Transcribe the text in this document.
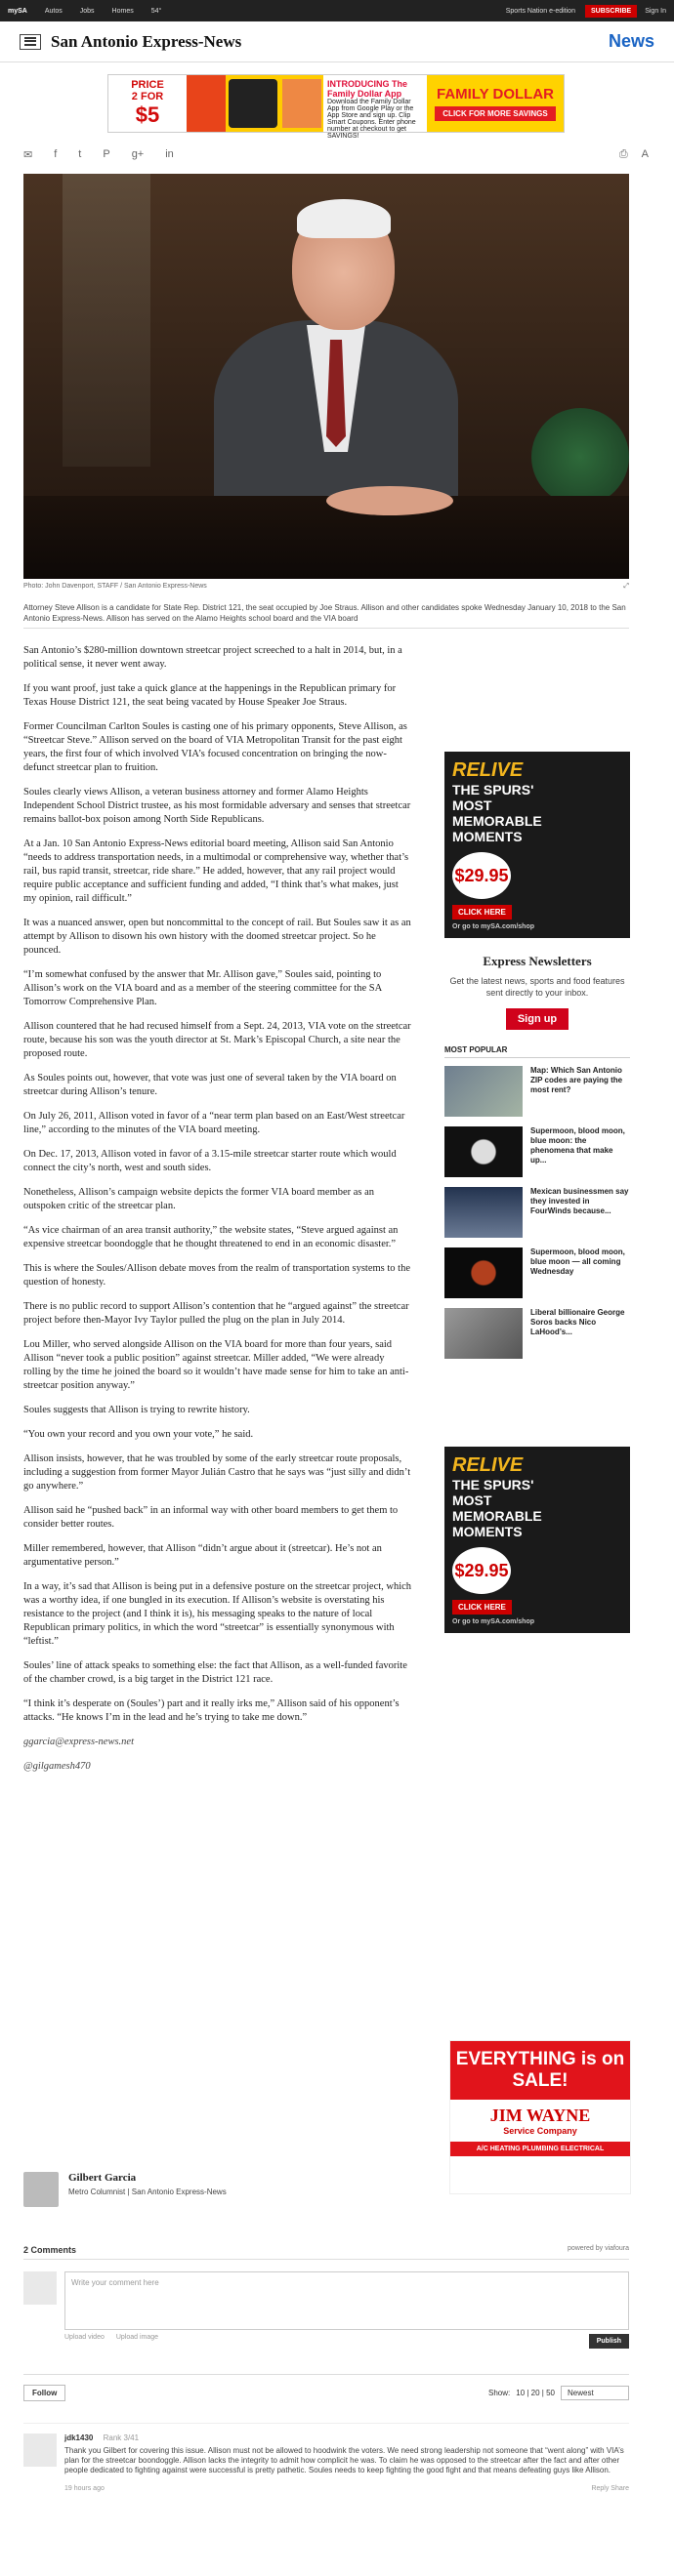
mySA	Autos	Jobs	Homes	54°	Sports Nation e-edition	SUBSCRIBE	Sign In
San Antonio Express-News	News
PRICE
2 FOR
$5
INTRODUCING The Family Dollar App
Download the Family Dollar App from Google Play or the App Store and sign up. Clip Smart Coupons. Enter phone number at checkout to get SAVINGS!
FAMILY DOLLAR
CLICK FOR MORE SAVINGS
✉ f t P g+ in	⎙ A
Photo: John Davenport, STAFF / San Antonio Express-News	⤢
Attorney Steve Allison is a candidate for State Rep. District 121, the seat occupied by Joe Straus. Allison and other candidates spoke Wednesday January 10, 2018 to the San Antonio Express-News. Allison has served on the Alamo Heights school board and the VIA board

San Antonio’s $280-million downtown streetcar project screeched to a halt in 2014, but, in a political sense, it never went away.

If you want proof, just take a quick glance at the happenings in the Republican primary for Texas House District 121, the seat being vacated by House Speaker Joe Straus.

Former Councilman Carlton Soules is casting one of his primary opponents, Steve Allison, as “Streetcar Steve.” Allison served on the board of VIA Metropolitan Transit for the past eight years, the first four of which involved VIA’s focused concentration on bringing the now-defunct streetcar plan to fruition.

Soules clearly views Allison, a veteran business attorney and former Alamo Heights Independent School District trustee, as his most formidable adversary and senses that streetcar remains ballot-box poison among North Side Republicans.

At a Jan. 10 San Antonio Express-News editorial board meeting, Allison said San Antonio “needs to address transportation needs, in a multimodal or comprehensive way, whether that’s rail, bus rapid transit, streetcar, ride share.” He added, however, that any rail project would require public acceptance and sufficient funding and added, “I think that’s what makes, just my opinion, rail difficult.”

It was a nuanced answer, open but noncommittal to the concept of rail. But Soules saw it as an attempt by Allison to disown his own history with the doomed streetcar project. So he pounced.

“I’m somewhat confused by the answer that Mr. Allison gave,” Soules said, pointing to Allison’s work on the VIA board and as a member of the steering committee for the SA Tomorrow Comprehensive Plan.

Allison countered that he had recused himself from a Sept. 24, 2013, VIA vote on the streetcar route, because his son was the youth director at St. Mark’s Episcopal Church, a site near the proposed route.

As Soules points out, however, that vote was just one of several taken by the VIA board on streetcar during Allison’s tenure.

On July 26, 2011, Allison voted in favor of a “near term plan based on an East/West streetcar line,” according to the minutes of the VIA board meeting.

On Dec. 17, 2013, Allison voted in favor of a 3.15-mile streetcar starter route which would connect the city’s north, west and south sides.

Nonetheless, Allison’s campaign website depicts the former VIA board member as an outspoken critic of the streetcar plan.

“As vice chairman of an area transit authority,” the website states, “Steve argued against an expensive streetcar boondoggle that he thought threatened to end in an economic disaster.”

This is where the Soules/Allison debate moves from the realm of transportation systems to the question of honesty.

There is no public record to support Allison’s contention that he “argued against” the streetcar project before then-Mayor Ivy Taylor pulled the plug on the plan in July 2014.

Lou Miller, who served alongside Allison on the VIA board for more than four years, said Allison “never took a public position” against streetcar. Miller added, “We were already rolling by the time he joined the board so it wouldn’t have made sense for him to take an anti-streetcar position anyway.”

Soules suggests that Allison is trying to rewrite history.

“You own your record and you own your vote,” he said.

Allison insists, however, that he was troubled by some of the early streetcar route proposals, including a suggestion from former Mayor Julián Castro that he says was “just silly and didn’t go anywhere.”

Allison said he “pushed back” in an informal way with other board members to get them to consider better routes.

Miller remembered, however, that Allison “didn’t argue about it (streetcar). He’s not an argumentative person.”

In a way, it’s sad that Allison is being put in a defensive posture on the streetcar project, which was a worthy idea, if one bungled in its execution. If Allison’s website is overstating his resistance to the project (and I think it is), his messaging speaks to the nature of local Republican primary politics, in which the word “streetcar” is essentially synonymous with “leftist.”

Soules’ line of attack speaks to something else: the fact that Allison, as a well-funded favorite of the chamber crowd, is a big target in the District 121 race.

“I think it’s desperate on (Soules’) part and it really irks me,” Allison said of his opponent’s attacks. “He knows I’m in the lead and he’s trying to take me down.”

ggarcia@express-news.net

@gilgamesh470

RELIVE
THE SPURS'
MOST
MEMORABLE
MOMENTS
$29.95
CLICK HERE
Or go to mySA.com/shop
Express Newsletters

Get the latest news, sports and food features sent directly to your inbox.

Sign up
MOST POPULAR
Map: Which San Antonio ZIP codes are paying the most rent?
Supermoon, blood moon, blue moon: the phenomena that make up...
Mexican businessmen say they invested in FourWinds because...
Supermoon, blood moon, blue moon — all coming Wednesday
Liberal billionaire George Soros backs Nico LaHood’s...
RELIVE
THE SPURS'
MOST
MEMORABLE
MOMENTS
$29.95
CLICK HERE
Or go to mySA.com/shop
EVERYTHING is on SALE!
JIM WAYNE
Service Company
A/C HEATING PLUMBING ELECTRICAL
Gilbert Garcia
Metro Columnist | San Antonio Express-News
2 Comments	powered by viafoura
Write your comment here
Upload video Upload image
Publish
Follow	Show: 10 | 20 | 50	Newest
jdk1430 Rank 3/41
Thank you Gilbert for covering this issue. Allison must not be allowed to hoodwink the voters. We need strong leadership not someone that “went along” with VIA’s plan for the streetcar boondoggle. Allison lacks the integrity to admit how complicit he was. To claim he was opposed to the streetcar after the fact and after other people dedicated to fighting against were successful is pretty pathetic. Soules needs to keep fighting the good fight and that means defeating guys like Allison.
19 hours ago	Reply Share
